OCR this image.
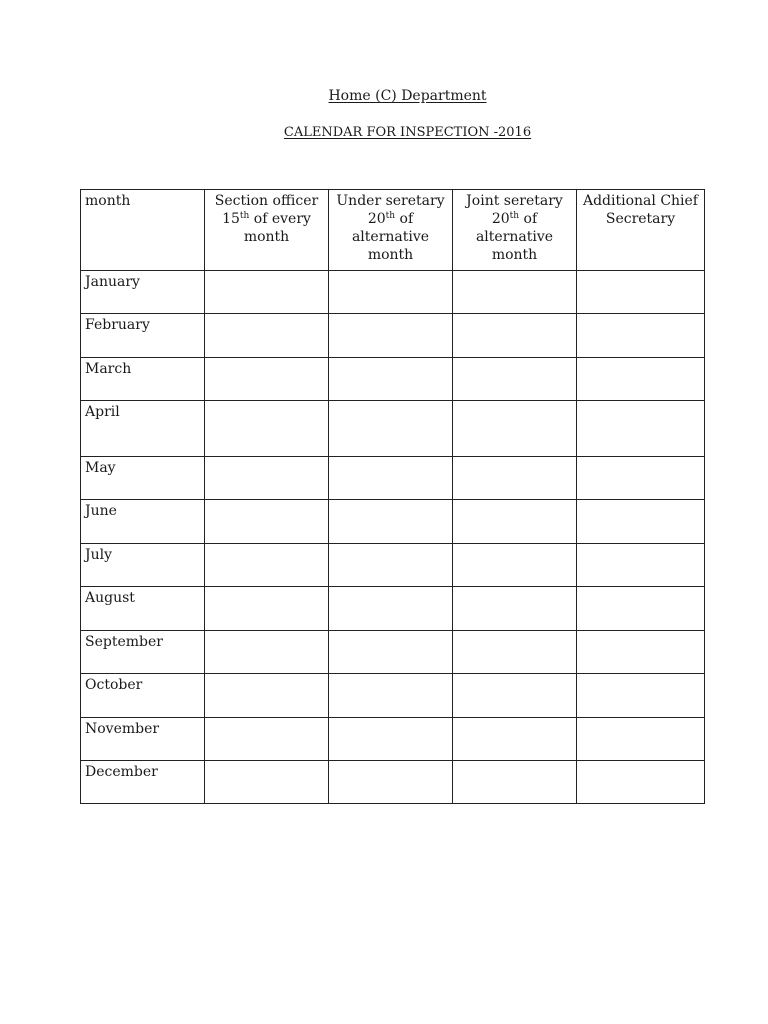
Home (C) Department
CALENDAR FOR INSPECTION -2016
month	Section officer 15th of every month	Under seretary 20th of alternative month	Joint seretary 20th of alternative month	Additional Chief Secretary
January				
February				
March				
April				
May				
June				
July				
August				
September				
October				
November				
December				
